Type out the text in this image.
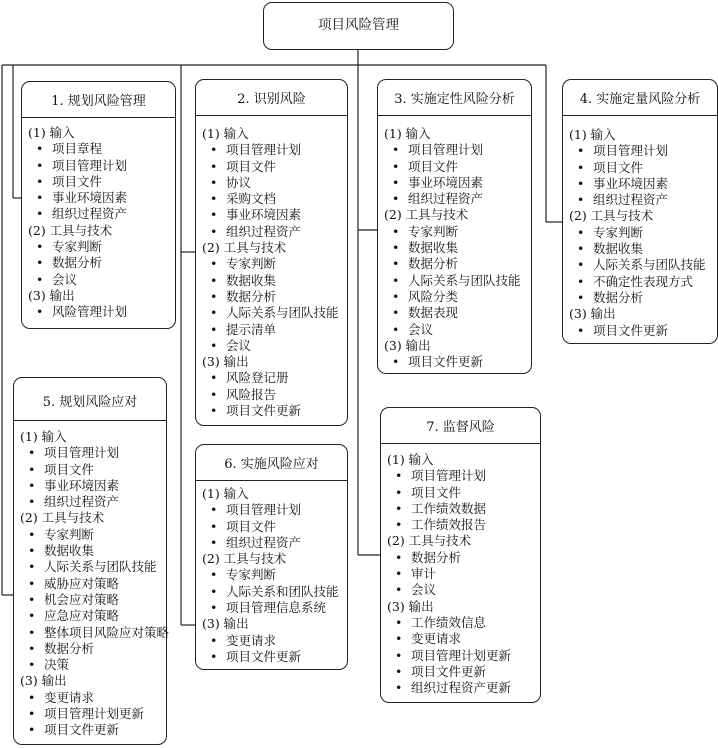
项目风险管理
1. 规划风险管理
(1) 输入
• 项目章程
• 项目管理计划
• 项目文件
• 事业环境因素
• 组织过程资产
(2) 工具与技术
• 专家判断
• 数据分析
• 会议
(3) 输出
• 风险管理计划
2. 识别风险
(1) 输入
• 项目管理计划
• 项目文件
• 协议
• 采购文档
• 事业环境因素
• 组织过程资产
(2) 工具与技术
• 专家判断
• 数据收集
• 数据分析
• 人际关系与团队技能
• 提示清单
• 会议
(3) 输出
• 风险登记册
• 风险报告
• 项目文件更新
3. 实施定性风险分析
(1) 输入
• 项目管理计划
• 项目文件
• 事业环境因素
• 组织过程资产
(2) 工具与技术
• 专家判断
• 数据收集
• 数据分析
• 人际关系与团队技能
• 风险分类
• 数据表现
• 会议
(3) 输出
• 项目文件更新
4. 实施定量风险分析
(1) 输入
• 项目管理计划
• 项目文件
• 事业环境因素
• 组织过程资产
(2) 工具与技术
• 专家判断
• 数据收集
• 人际关系与团队技能
• 不确定性表现方式
• 数据分析
(3) 输出
• 项目文件更新
5. 规划风险应对
(1) 输入
• 项目管理计划
• 项目文件
• 事业环境因素
• 组织过程资产
(2) 工具与技术
• 专家判断
• 数据收集
• 人际关系与团队技能
• 威胁应对策略
• 机会应对策略
• 应急应对策略
• 整体项目风险应对策略
• 数据分析
• 决策
(3) 输出
• 变更请求
• 项目管理计划更新
• 项目文件更新
6. 实施风险应对
(1) 输入
• 项目管理计划
• 项目文件
• 组织过程资产
(2) 工具与技术
• 专家判断
• 人际关系和团队技能
• 项目管理信息系统
(3) 输出
• 变更请求
• 项目文件更新
7. 监督风险
(1) 输入
• 项目管理计划
• 项目文件
• 工作绩效数据
• 工作绩效报告
(2) 工具与技术
• 数据分析
• 审计
• 会议
(3) 输出
• 工作绩效信息
• 变更请求
• 项目管理计划更新
• 项目文件更新
• 组织过程资产更新
